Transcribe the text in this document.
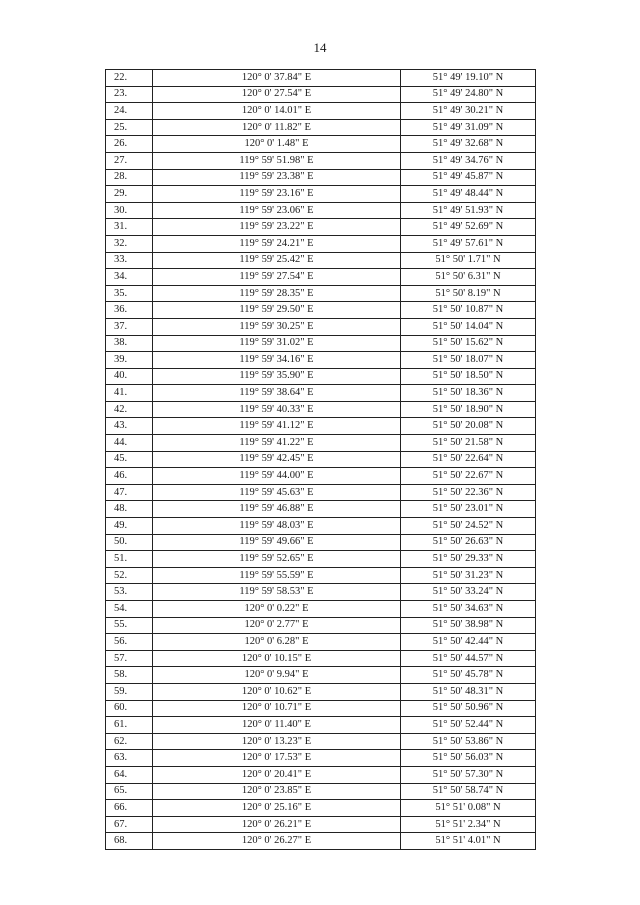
14
22.	120° 0' 37.84" E	51° 49' 19.10" N
23.	120° 0' 27.54" E	51° 49' 24.80" N
24.	120° 0' 14.01" E	51° 49' 30.21" N
25.	120° 0' 11.82" E	51° 49' 31.09" N
26.	120° 0' 1.48" E	51° 49' 32.68" N
27.	119° 59' 51.98" E	51° 49' 34.76" N
28.	119° 59' 23.38" E	51° 49' 45.87" N
29.	119° 59' 23.16" E	51° 49' 48.44" N
30.	119° 59' 23.06" E	51° 49' 51.93" N
31.	119° 59' 23.22" E	51° 49' 52.69" N
32.	119° 59' 24.21" E	51° 49' 57.61" N
33.	119° 59' 25.42" E	51° 50' 1.71" N
34.	119° 59' 27.54" E	51° 50' 6.31" N
35.	119° 59' 28.35" E	51° 50' 8.19" N
36.	119° 59' 29.50" E	51° 50' 10.87" N
37.	119° 59' 30.25" E	51° 50' 14.04" N
38.	119° 59' 31.02" E	51° 50' 15.62" N
39.	119° 59' 34.16" E	51° 50' 18.07" N
40.	119° 59' 35.90" E	51° 50' 18.50" N
41.	119° 59' 38.64" E	51° 50' 18.36" N
42.	119° 59' 40.33" E	51° 50' 18.90" N
43.	119° 59' 41.12" E	51° 50' 20.08" N
44.	119° 59' 41.22" E	51° 50' 21.58" N
45.	119° 59' 42.45" E	51° 50' 22.64" N
46.	119° 59' 44.00" E	51° 50' 22.67" N
47.	119° 59' 45.63" E	51° 50' 22.36" N
48.	119° 59' 46.88" E	51° 50' 23.01" N
49.	119° 59' 48.03" E	51° 50' 24.52" N
50.	119° 59' 49.66" E	51° 50' 26.63" N
51.	119° 59' 52.65" E	51° 50' 29.33" N
52.	119° 59' 55.59" E	51° 50' 31.23" N
53.	119° 59' 58.53" E	51° 50' 33.24" N
54.	120° 0' 0.22" E	51° 50' 34.63" N
55.	120° 0' 2.77" E	51° 50' 38.98" N
56.	120° 0' 6.28" E	51° 50' 42.44" N
57.	120° 0' 10.15" E	51° 50' 44.57" N
58.	120° 0' 9.94" E	51° 50' 45.78" N
59.	120° 0' 10.62" E	51° 50' 48.31" N
60.	120° 0' 10.71" E	51° 50' 50.96" N
61.	120° 0' 11.40" E	51° 50' 52.44" N
62.	120° 0' 13.23" E	51° 50' 53.86" N
63.	120° 0' 17.53" E	51° 50' 56.03" N
64.	120° 0' 20.41" E	51° 50' 57.30" N
65.	120° 0' 23.85" E	51° 50' 58.74" N
66.	120° 0' 25.16" E	51° 51' 0.08" N
67.	120° 0' 26.21" E	51° 51' 2.34" N
68.	120° 0' 26.27" E	51° 51' 4.01" N
